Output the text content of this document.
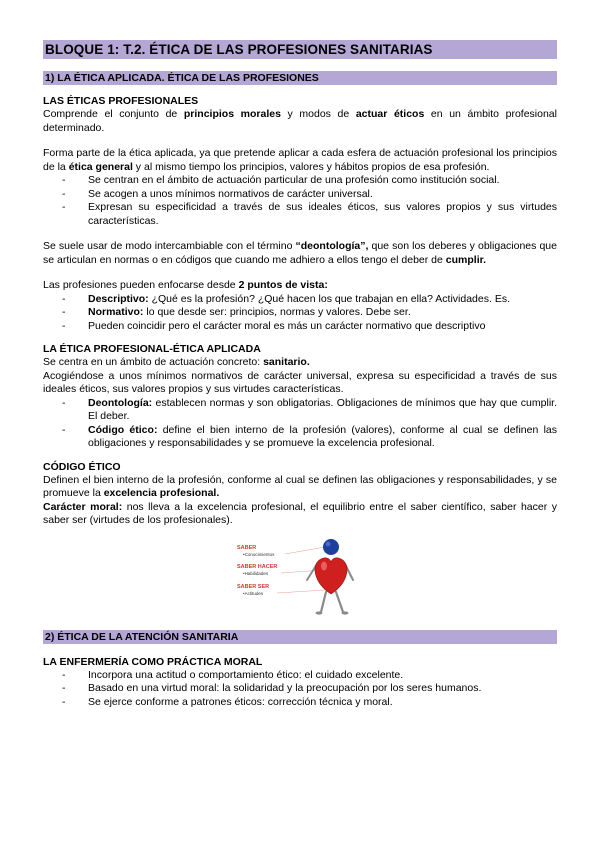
BLOQUE 1: T.2. ÉTICA DE LAS PROFESIONES SANITARIAS
1) LA ÉTICA APLICADA. ÉTICA DE LAS PROFESIONES
LAS ÉTICAS PROFESIONALES

Comprende el conjunto de principios morales y modos de actuar éticos en un ámbito profesional determinado.

Forma parte de la ética aplicada, ya que pretende aplicar a cada esfera de actuación profesional los principios de la ética general y al mismo tiempo los principios, valores y hábitos propios de esa profesión.

- Se centran en el ámbito de actuación particular de una profesión como institución social.
- Se acogen a unos mínimos normativos de carácter universal.
- Expresan su especificidad a través de sus ideales éticos, sus valores propios y sus virtudes características.

Se suele usar de modo intercambiable con el término “deontología”, que son los deberes y obligaciones que se articulan en normas o en códigos que cuando me adhiero a ellos tengo el deber de cumplir.

Las profesiones pueden enfocarse desde 2 puntos de vista:

- Descriptivo: ¿Qué es la profesión? ¿Qué hacen los que trabajan en ella? Actividades. Es.
- Normativo: lo que desde ser: principios, normas y valores. Debe ser.
- Pueden coincidir pero el carácter moral es más un carácter normativo que descriptivo
LA ÉTICA PROFESIONAL-ÉTICA APLICADA

Se centra en un ámbito de actuación concreto: sanitario.

Acogiéndose a unos mínimos normativos de carácter universal, expresa su especificidad a través de sus ideales éticos, sus valores propios y sus virtudes características.

- Deontología: establecen normas y son obligatorias. Obligaciones de mínimos que hay que cumplir. El deber.
- Código ético: define el bien interno de la profesión (valores), conforme al cual se definen las obligaciones y responsabilidades y se promueve la excelencia profesional.
CÓDIGO ÉTICO

Definen el bien interno de la profesión, conforme al cual se definen las obligaciones y responsabilidades, y se promueve la excelencia profesional.

Carácter moral: nos lleva a la excelencia profesional, el equilibrio entre el saber científico, saber hacer y saber ser (virtudes de los profesionales).

SABER
•Conocimientos
SABER HACER
•Habilidades
SABER SER
•Actitudes
2) ÉTICA DE LA ATENCIÓN SANITARIA
LA ENFERMERÍA COMO PRÁCTICA MORAL
- Incorpora una actitud o comportamiento ético: el cuidado excelente.
- Basado en una virtud moral: la solidaridad y la preocupación por los seres humanos.
- Se ejerce conforme a patrones éticos: corrección técnica y moral.
